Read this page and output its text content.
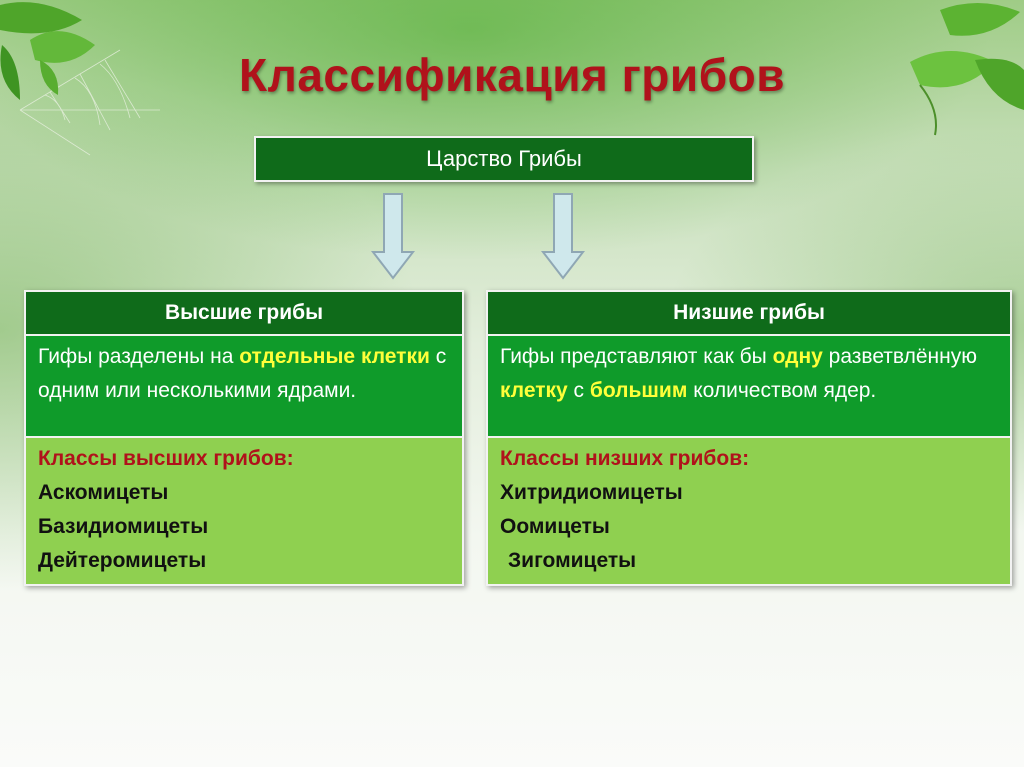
Классификация грибов
Царство Грибы
Высшие грибы
Гифы разделены на отдельные клетки с одним или несколькими ядрами.
Классы высших грибов:
Аскомицеты
Базидиомицеты
Дейтеромицеты
Низшие грибы
Гифы представляют как бы одну разветвлённую клетку с большим количеством ядер.
Классы низших грибов:
Хитридиомицеты
Оомицеты
Зигомицеты
